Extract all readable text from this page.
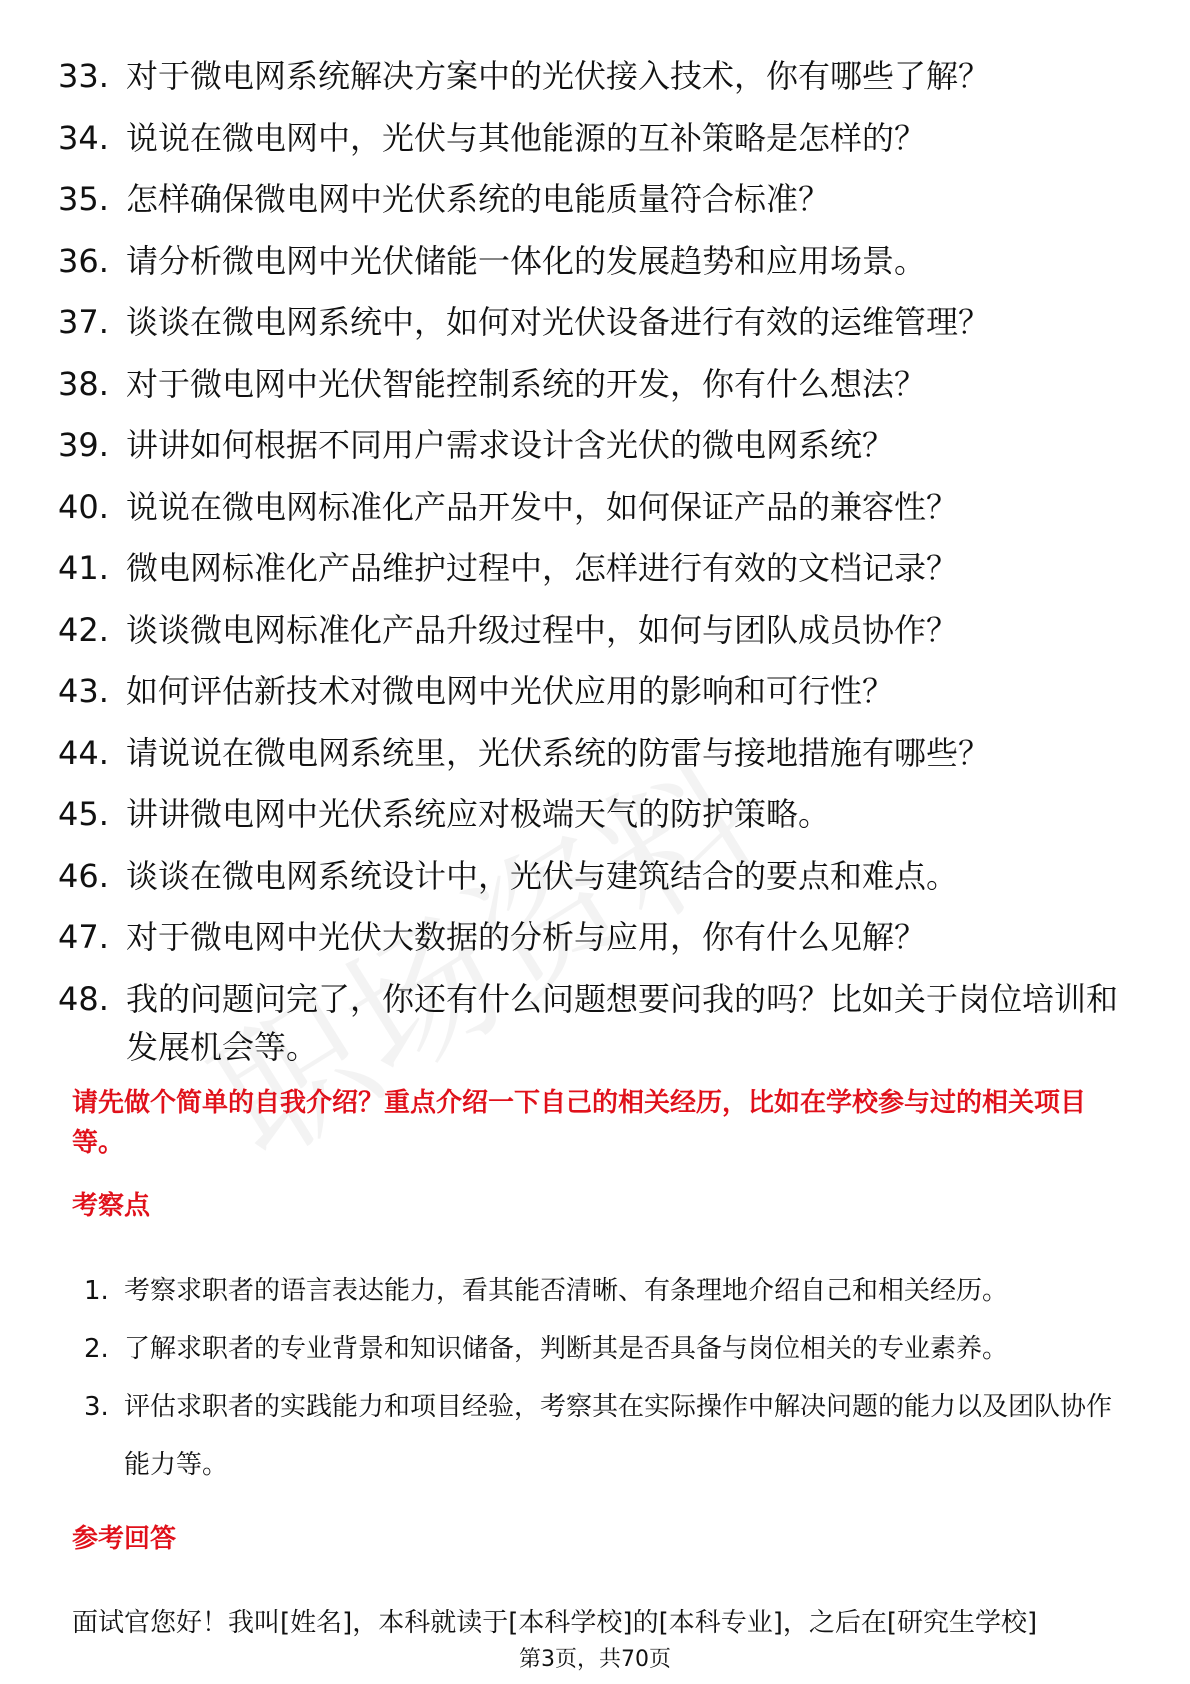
33. 对于微电网系统解决方案中的光伏接入技术，你有哪些了解？
34. 说说在微电网中，光伏与其他能源的互补策略是怎样的？
35. 怎样确保微电网中光伏系统的电能质量符合标准？
36. 请分析微电网中光伏储能一体化的发展趋势和应用场景。
37. 谈谈在微电网系统中，如何对光伏设备进行有效的运维管理？
38. 对于微电网中光伏智能控制系统的开发，你有什么想法？
39. 讲讲如何根据不同用户需求设计含光伏的微电网系统？
40. 说说在微电网标准化产品开发中，如何保证产品的兼容性？
41. 微电网标准化产品维护过程中，怎样进行有效的文档记录？
42. 谈谈微电网标准化产品升级过程中，如何与团队成员协作？
43. 如何评估新技术对微电网中光伏应用的影响和可行性？
44. 请说说在微电网系统里，光伏系统的防雷与接地措施有哪些？
45. 讲讲微电网中光伏系统应对极端天气的防护策略。
46. 谈谈在微电网系统设计中，光伏与建筑结合的要点和难点。
47. 对于微电网中光伏大数据的分析与应用，你有什么见解？
48. 我的问题问完了，你还有什么问题想要问我的吗？比如关于岗位培训和发展机会等。

请先做个简单的自我介绍？重点介绍一下自己的相关经历，比如在学校参与过的相关项目等。

考察点
1. 考察求职者的语言表达能力，看其能否清晰、有条理地介绍自己和相关经历。
2. 了解求职者的专业背景和知识储备，判断其是否具备与岗位相关的专业素养。
3. 评估求职者的实践能力和项目经验，考察其在实际操作中解决问题的能力以及团队协作能力等。
参考回答

面试官您好！我叫[姓名]，本科就读于[本科学校]的[本科专业]，之后在[研究生学校]

第3页，共70页
